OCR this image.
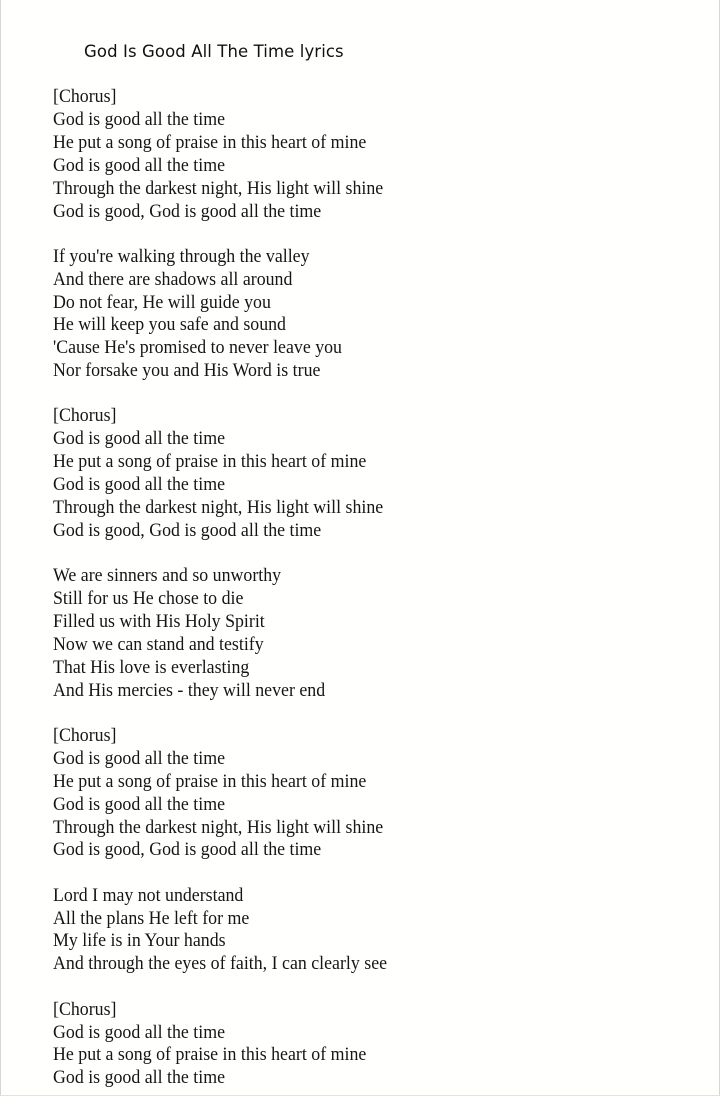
God Is Good All The Time lyrics
[Chorus]
God is good all the time
He put a song of praise in this heart of mine
God is good all the time
Through the darkest night, His light will shine
God is good, God is good all the time
If you're walking through the valley
And there are shadows all around
Do not fear, He will guide you
He will keep you safe and sound
'Cause He's promised to never leave you
Nor forsake you and His Word is true
[Chorus]
God is good all the time
He put a song of praise in this heart of mine
God is good all the time
Through the darkest night, His light will shine
God is good, God is good all the time
We are sinners and so unworthy
Still for us He chose to die
Filled us with His Holy Spirit
Now we can stand and testify
That His love is everlasting
And His mercies - they will never end
[Chorus]
God is good all the time
He put a song of praise in this heart of mine
God is good all the time
Through the darkest night, His light will shine
God is good, God is good all the time
Lord I may not understand
All the plans He left for me
My life is in Your hands
And through the eyes of faith, I can clearly see
[Chorus]
God is good all the time
He put a song of praise in this heart of mine
God is good all the time
